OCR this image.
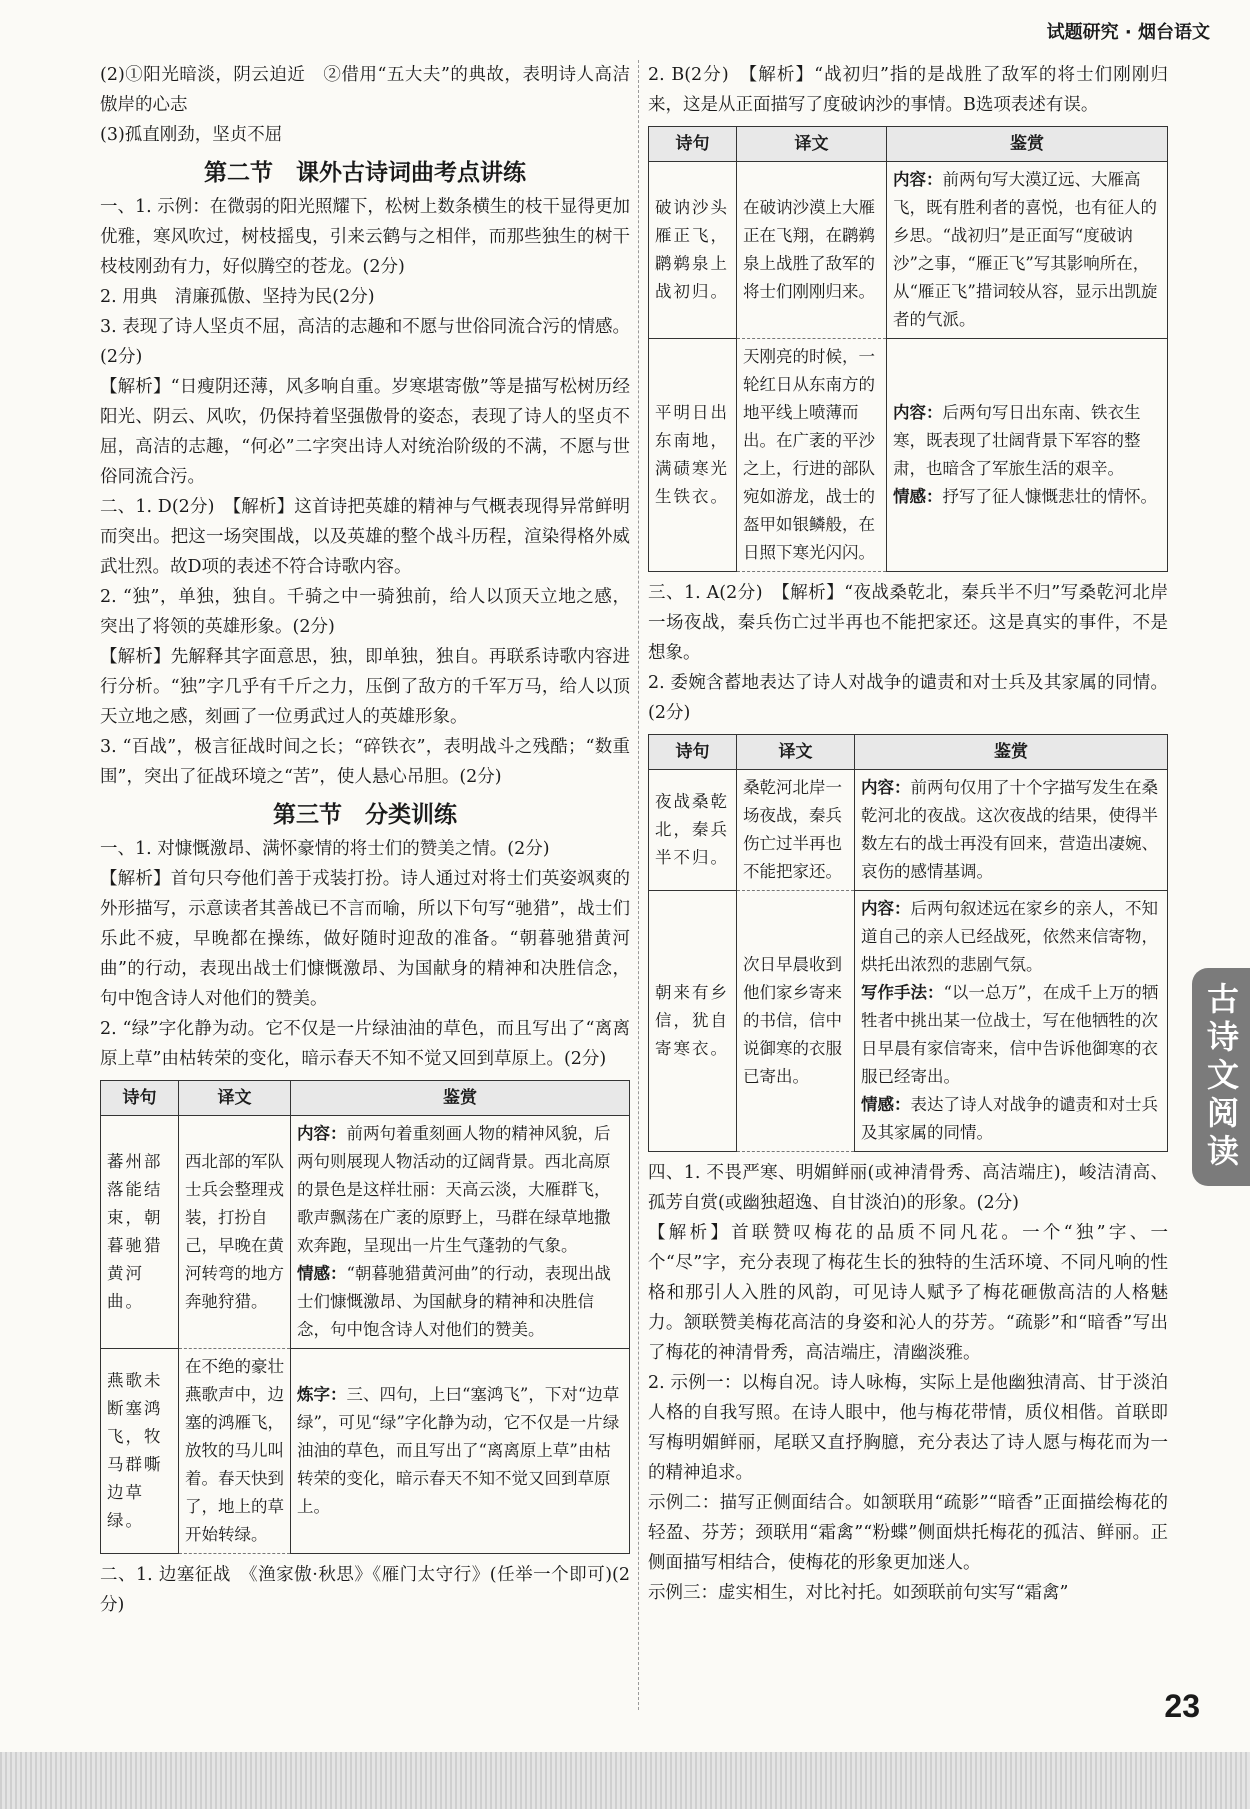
试题研究 · 烟台语文

(2)①阳光暗淡，阴云迫近　②借用“五大夫”的典故，表明诗人高洁傲岸的心志

(3)孤直刚劲，坚贞不屈

第二节　课外古诗词曲考点讲练

一、1. 示例：在微弱的阳光照耀下，松树上数条横生的枝干显得更加优雅，寒风吹过，树枝摇曳，引来云鹤与之相伴，而那些独生的树干枝枝刚劲有力，好似腾空的苍龙。(2分)

2. 用典　清廉孤傲、坚持为民(2分)

3. 表现了诗人坚贞不屈，高洁的志趣和不愿与世俗同流合污的情感。(2分)

【解析】“日瘦阴还薄，风多响自重。岁寒堪寄傲”等是描写松树历经阳光、阴云、风吹，仍保持着坚强傲骨的姿态，表现了诗人的坚贞不屈，高洁的志趣，“何必”二字突出诗人对统治阶级的不满，不愿与世俗同流合污。

二、1. D(2分)　【解析】这首诗把英雄的精神与气概表现得异常鲜明而突出。把这一场突围战，以及英雄的整个战斗历程，渲染得格外威武壮烈。故D项的表述不符合诗歌内容。

2. “独”，单独，独自。千骑之中一骑独前，给人以顶天立地之感，突出了将领的英雄形象。(2分)

【解析】先解释其字面意思，独，即单独，独自。再联系诗歌内容进行分析。“独”字几乎有千斤之力，压倒了敌方的千军万马，给人以顶天立地之感，刻画了一位勇武过人的英雄形象。

3. “百战”，极言征战时间之长；“碎铁衣”，表明战斗之残酷；“数重围”，突出了征战环境之“苦”，使人悬心吊胆。(2分)

第三节　分类训练

一、1. 对慷慨激昂、满怀豪情的将士们的赞美之情。(2分)

【解析】首句只夸他们善于戎装打扮。诗人通过对将士们英姿飒爽的外形描写，示意读者其善战已不言而喻，所以下句写“驰猎”，战士们乐此不疲，早晚都在操练，做好随时迎敌的准备。“朝暮驰猎黄河曲”的行动，表现出战士们慷慨激昂、为国献身的精神和决胜信念，句中饱含诗人对他们的赞美。

2. “绿”字化静为动。它不仅是一片绿油油的草色，而且写出了“离离原上草”由枯转荣的变化，暗示春天不知不觉又回到草原上。(2分)

诗句	译文	鉴赏
蕃州部落能结束，朝暮驰猎黄河曲。	西北部的军队士兵会整理戎装，打扮自己，早晚在黄河转弯的地方奔驰狩猎。	内容：前两句着重刻画人物的精神风貌，后两句则展现人物活动的辽阔背景。西北高原的景色是这样壮丽：天高云淡，大雁群飞，歌声飘荡在广袤的原野上，马群在绿草地撒欢奔跑，呈现出一片生气蓬勃的气象。
情感：“朝暮驰猎黄河曲”的行动，表现出战士们慷慨激昂、为国献身的精神和决胜信念，句中饱含诗人对他们的赞美。
燕歌未断塞鸿飞，牧马群嘶边草绿。	在不绝的豪壮燕歌声中，边塞的鸿雁飞，放牧的马儿叫着。春天快到了，地上的草开始转绿。	炼字：三、四句，上曰“塞鸿飞”，下对“边草绿”，可见“绿”字化静为动，它不仅是一片绿油油的草色，而且写出了“离离原上草”由枯转荣的变化，暗示春天不知不觉又回到草原上。

二、1. 边塞征战　《渔家傲·秋思》《雁门太守行》(任举一个即可)(2分)

2. B(2分)　【解析】“战初归”指的是战胜了敌军的将士们刚刚归来，这是从正面描写了度破讷沙的事情。B选项表述有误。

诗句	译文	鉴赏
破讷沙头雁正飞，䴙鹈泉上战初归。	在破讷沙漠上大雁正在飞翔，在䴙鹈泉上战胜了敌军的将士们刚刚归来。	内容：前两句写大漠辽远、大雁高飞，既有胜利者的喜悦，也有征人的乡思。“战初归”是正面写“度破讷沙”之事，“雁正飞”写其影响所在，从“雁正飞”措词较从容，显示出凯旋者的气派。
平明日出东南地，满碛寒光生铁衣。	天刚亮的时候，一轮红日从东南方的地平线上喷薄而出。在广袤的平沙之上，行进的部队宛如游龙，战士的盔甲如银鳞般，在日照下寒光闪闪。	内容：后两句写日出东南、铁衣生寒，既表现了壮阔背景下军容的整肃，也暗含了军旅生活的艰辛。
情感：抒写了征人慷慨悲壮的情怀。

三、1. A(2分)　【解析】“夜战桑乾北，秦兵半不归”写桑乾河北岸一场夜战，秦兵伤亡过半再也不能把家还。这是真实的事件，不是想象。

2. 委婉含蓄地表达了诗人对战争的谴责和对士兵及其家属的同情。(2分)

诗句	译文	鉴赏
夜战桑乾北，秦兵半不归。	桑乾河北岸一场夜战，秦兵伤亡过半再也不能把家还。	内容：前两句仅用了十个字描写发生在桑乾河北的夜战。这次夜战的结果，使得半数左右的战士再没有回来，营造出凄婉、哀伤的感情基调。
朝来有乡信，犹自寄寒衣。	次日早晨收到他们家乡寄来的书信，信中说御寒的衣服已寄出。	内容：后两句叙述远在家乡的亲人，不知道自己的亲人已经战死，依然来信寄物，烘托出浓烈的悲剧气氛。
写作手法：“以一总万”，在成千上万的牺牲者中挑出某一位战士，写在他牺牲的次日早晨有家信寄来，信中告诉他御寒的衣服已经寄出。
情感：表达了诗人对战争的谴责和对士兵及其家属的同情。

四、1. 不畏严寒、明媚鲜丽(或神清骨秀、高洁端庄)，峻洁清高、孤芳自赏(或幽独超逸、自甘淡泊)的形象。(2分)

【解析】首联赞叹梅花的品质不同凡花。一个“独”字、一个“尽”字，充分表现了梅花生长的独特的生活环境、不同凡响的性格和那引人入胜的风韵，可见诗人赋予了梅花砸傲高洁的人格魅力。颔联赞美梅花高洁的身姿和沁人的芬芳。“疏影”和“暗香”写出了梅花的神清骨秀，高洁端庄，清幽淡雅。

2. 示例一：以梅自况。诗人咏梅，实际上是他幽独清高、甘于淡泊人格的自我写照。在诗人眼中，他与梅花带情，质仪相偕。首联即写梅明媚鲜丽，尾联又直抒胸臆，充分表达了诗人愿与梅花而为一的精神追求。

示例二：描写正侧面结合。如颔联用“疏影”“暗香”正面描绘梅花的轻盈、芬芳；颈联用“霜禽”“粉蝶”侧面烘托梅花的孤洁、鲜丽。正侧面描写相结合，使梅花的形象更加迷人。

示例三：虚实相生，对比衬托。如颈联前句实写“霜禽”

古诗文阅读
23
